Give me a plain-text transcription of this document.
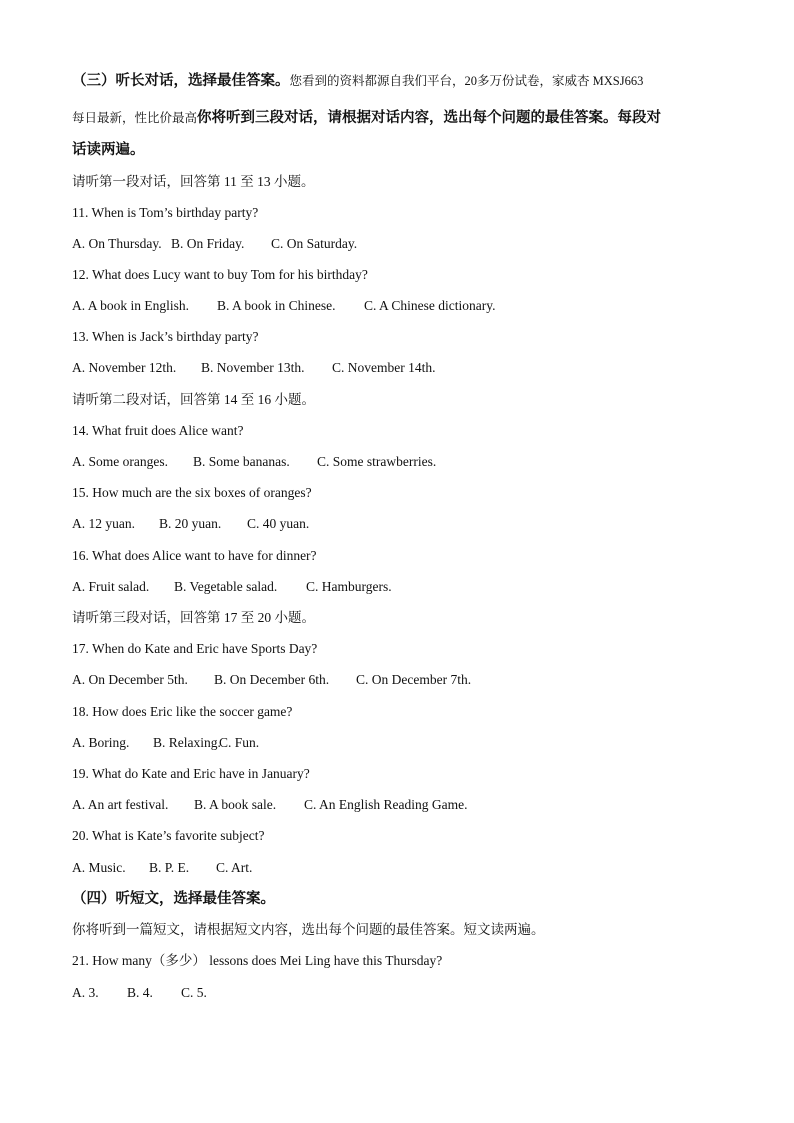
（三）听长对话，选择最佳答案。您看到的资料都源自我们平台，20多万份试卷，家威杏 MXSJ663
每日最新，性比价最高你将听到三段对话，请根据对话内容，选出每个问题的最佳答案。每段对
话读两遍。
请听第一段对话，回答第 11 至 13 小题。
11. When is Tom’s birthday party?
A. On Thursday. B. On Friday. C. On Saturday.
12. What does Lucy want to buy Tom for his birthday?
A. A book in English. B. A book in Chinese. C. A Chinese dictionary.
13. When is Jack’s birthday party?
A. November 12th. B. November 13th. C. November 14th.
请听第二段对话，回答第 14 至 16 小题。
14. What fruit does Alice want?
A. Some oranges. B. Some bananas. C. Some strawberries.
15. How much are the six boxes of oranges?
A. 12 yuan. B. 20 yuan. C. 40 yuan.
16. What does Alice want to have for dinner?
A. Fruit salad. B. Vegetable salad. C. Hamburgers.
请听第三段对话，回答第 17 至 20 小题。
17. When do Kate and Eric have Sports Day?
A. On December 5th. B. On December 6th. C. On December 7th.
18. How does Eric like the soccer game?
A. Boring. B. Relaxing.C. Fun.
19. What do Kate and Eric have in January?
A. An art festival. B. A book sale. C. An English Reading Game.
20. What is Kate’s favorite subject?
A. Music. B. P. E. C. Art.
（四）听短文，选择最佳答案。
你将听到一篇短文，请根据短文内容，选出每个问题的最佳答案。短文读两遍。
21. How many（多少） lessons does Mei Ling have this Thursday?
A. 3. B. 4. C. 5.
